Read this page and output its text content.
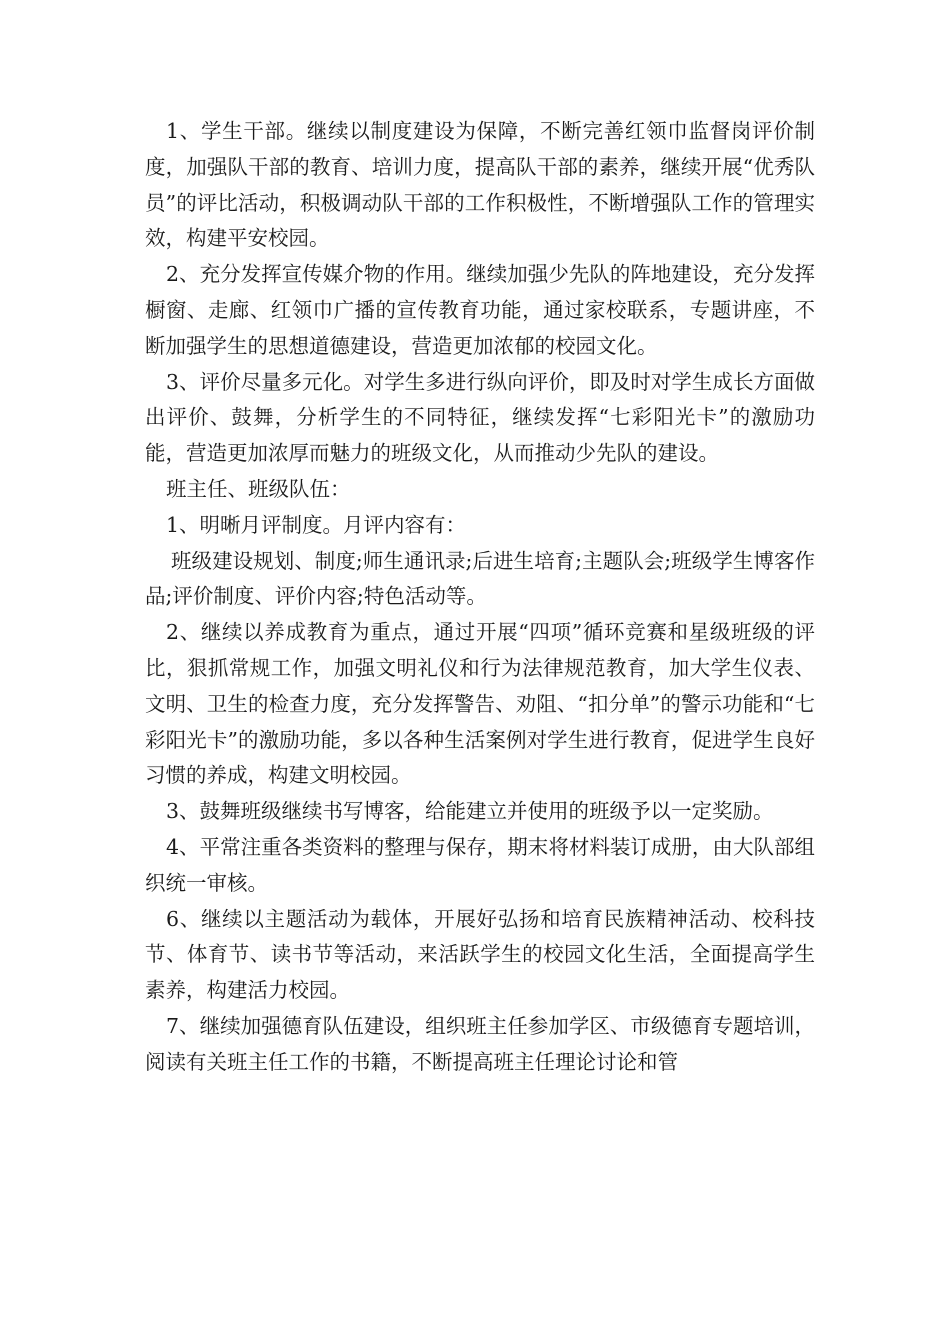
1、学生干部。继续以制度建设为保障，不断完善红领巾监督岗评价制度，加强队干部的教育、培训力度，提高队干部的素养，继续开展“优秀队员”的评比活动，积极调动队干部的工作积极性，不断增强队工作的管理实效，构建平安校园。

2、充分发挥宣传媒介物的作用。继续加强少先队的阵地建设，充分发挥橱窗、走廊、红领巾广播的宣传教育功能，通过家校联系，专题讲座，不断加强学生的思想道德建设，营造更加浓郁的校园文化。

3、评价尽量多元化。对学生多进行纵向评价，即及时对学生成长方面做出评价、鼓舞，分析学生的不同特征，继续发挥“七彩阳光卡”的激励功能，营造更加浓厚而魅力的班级文化，从而推动少先队的建设。

班主任、班级队伍：

1、明晰月评制度。月评内容有：

班级建设规划、制度;师生通讯录;后进生培育;主题队会;班级学生博客作品;评价制度、评价内容;特色活动等。

2、继续以养成教育为重点，通过开展“四项”循环竞赛和星级班级的评比，狠抓常规工作，加强文明礼仪和行为法律规范教育，加大学生仪表、文明、卫生的检查力度，充分发挥警告、劝阻、“扣分单”的警示功能和“七彩阳光卡”的激励功能，多以各种生活案例对学生进行教育，促进学生良好习惯的养成，构建文明校园。

3、鼓舞班级继续书写博客，给能建立并使用的班级予以一定奖励。

4、平常注重各类资料的整理与保存，期末将材料装订成册，由大队部组织统一审核。

6、继续以主题活动为载体，开展好弘扬和培育民族精神活动、校科技节、体育节、读书节等活动，来活跃学生的校园文化生活，全面提高学生素养，构建活力校园。

7、继续加强德育队伍建设，组织班主任参加学区、市级德育专题培训，阅读有关班主任工作的书籍，不断提高班主任理论讨论和管
